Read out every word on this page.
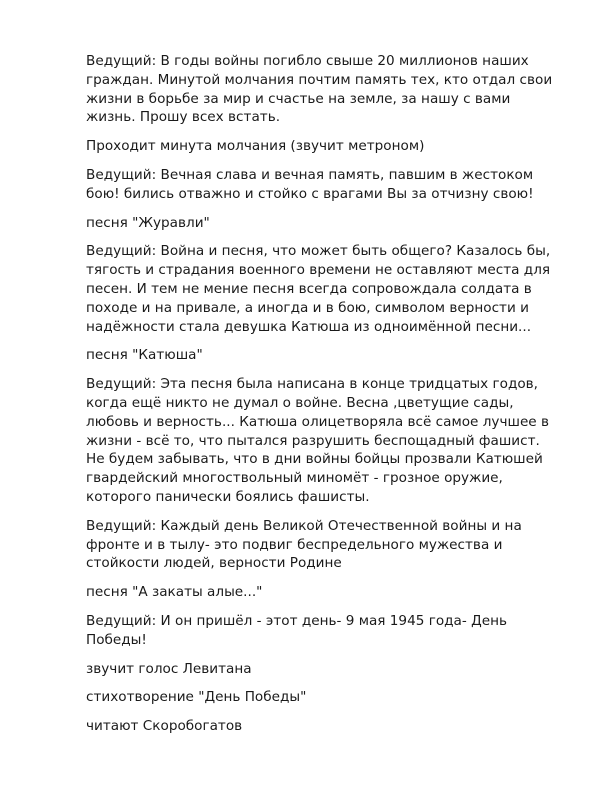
Ведущий: В годы войны погибло свыше 20 миллионов наших
граждан. Минутой молчания почтим память тех, кто отдал свои
жизни в борьбе за мир и счастье на земле, за нашу с вами
жизнь. Прошу всех встать.

Проходит минута молчания (звучит метроном)

Ведущий: Вечная слава и вечная память, павшим в жестоком
бою! бились отважно и стойко с врагами Вы за отчизну свою!

песня "Журавли"

Ведущий: Война и песня, что может быть общего? Казалось бы,
тягость и страдания военного времени не оставляют места для
песен. И тем не мение песня всегда сопровождала солдата в
походе и на привале, а иногда и в бою, символом верности и
надёжности стала девушка Катюша из одноимённой песни...

песня "Катюша"

Ведущий: Эта песня была написана в конце тридцатых годов,
когда ещё никто не думал о войне. Весна ,цветущие сады,
любовь и верность... Катюша олицетворяла всё самое лучшее в
жизни - всё то, что пытался разрушить беспощадный фашист.
Не будем забывать, что в дни войны бойцы прозвали Катюшей
гвардейский многоствольный миномёт - грозное оружие,
которого панически боялись фашисты.

Ведущий: Каждый день Великой Отечественной войны и на
фронте и в тылу- это подвиг беспредельного мужества и
стойкости людей, верности Родине

песня "А закаты алые..."

Ведущий: И он пришёл - этот день- 9 мая 1945 года- День
Победы!

звучит голос Левитана

стихотворение "День Победы"

читают Скоробогатов
